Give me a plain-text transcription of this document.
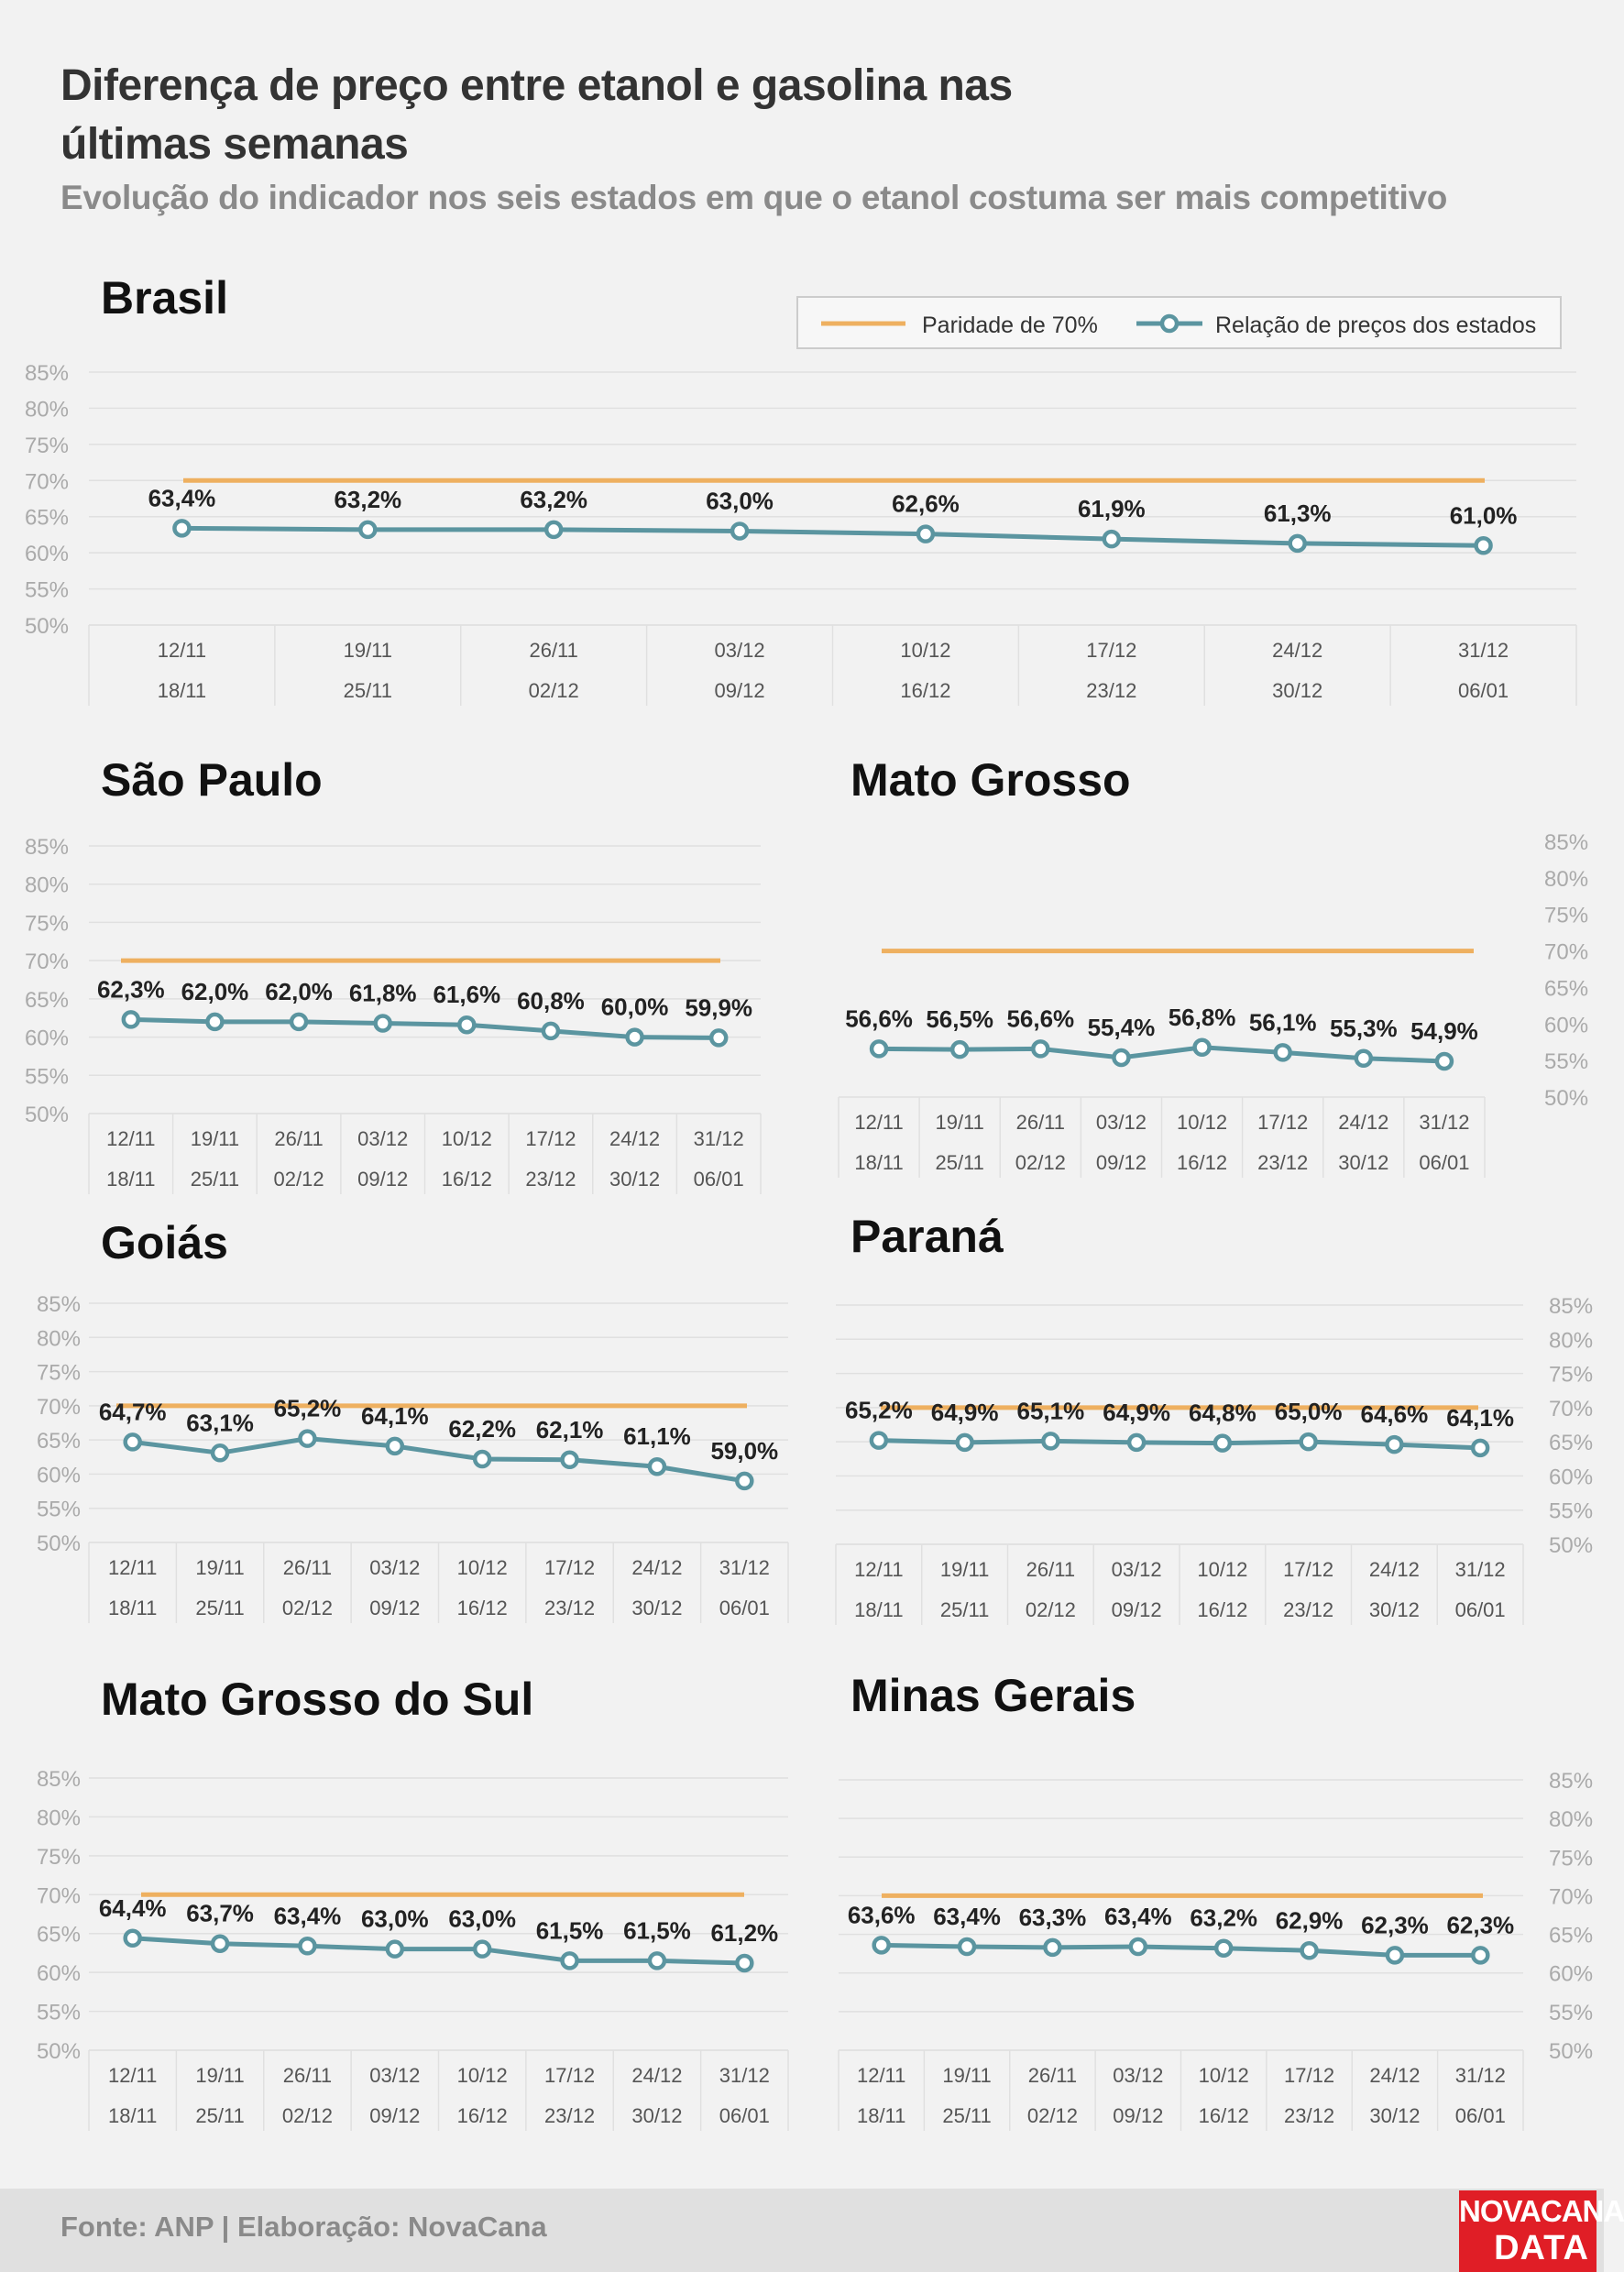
Diferença de preço entre etanol e gasolina nas
últimas semanas
Evolução do indicador nos seis estados em que o etanol costuma ser mais competitivo
Brasil
85%
80%
75%
70%
65%
60%
55%
50%
12/11
18/11
19/11
25/11
26/11
02/12
03/12
09/12
10/12
16/12
17/12
23/12
24/12
30/12
31/12
06/01
63,4%	63,2%	63,2%	63,0%	62,6%	61,9%	61,3%	61,0%
Paridade de 70%	Relação de preços dos estados
São Paulo
85%
80%
75%
70%
65%
60%
55%
50%
12/11
18/11
19/11
25/11
26/11
02/12
03/12
09/12
10/12
16/12
17/12
23/12
24/12
30/12
31/12
06/01
62,3% 62,0% 62,0% 61,8% 61,6% 60,8% 60,0% 59,9%
Mato Grosso
85%
80%
75%
70%
65%
60%
55%
50%
12/11
18/11
19/11
25/11
26/11
02/12
03/12
09/12
10/12
16/12
17/12
23/12
24/12
30/12
31/12
06/01
56,6% 56,5% 56,6% 55,4% 56,8% 56,1% 55,3% 54,9%
Goiás
85%
80%
75%
70%
65%
60%
55%
50%
12/11
18/11
19/11
25/11
26/11
02/12
03/12
09/12
10/12
16/12
17/12
23/12
24/12
30/12
31/12
06/01
64,7% 63,1%
65,2% 64,1% 62,2% 62,1% 61,1%
59,0%
Paraná
85%
80%
75%
70%
65%
60%
55%
50%
12/11
18/11
19/11
25/11
26/11
02/12
03/12
09/12
10/12
16/12
17/12
23/12
24/12
30/12
31/12
06/01
65,2% 64,9% 65,1% 64,9% 64,8% 65,0% 64,6% 64,1%
Mato Grosso do Sul
85%
80%
75%
70%
65%
60%
55%
50%
12/11
18/11
19/11
25/11
26/11
02/12
03/12
09/12
10/12
16/12
17/12
23/12
24/12
30/12
31/12
06/01
64,4% 63,7% 63,4% 63,0% 63,0% 61,5% 61,5% 61,2%
Minas Gerais
85%
80%
75%
70%
65%
60%
55%
50%
12/11
18/11
19/11
25/11
26/11
02/12
03/12
09/12
10/12
16/12
17/12
23/12
24/12
30/12
31/12
06/01
63,6% 63,4% 63,3% 63,4% 63,2% 62,9% 62,3% 62,3%
Fonte: ANP | Elaboração: NovaCana	NOVACANA
DATA
